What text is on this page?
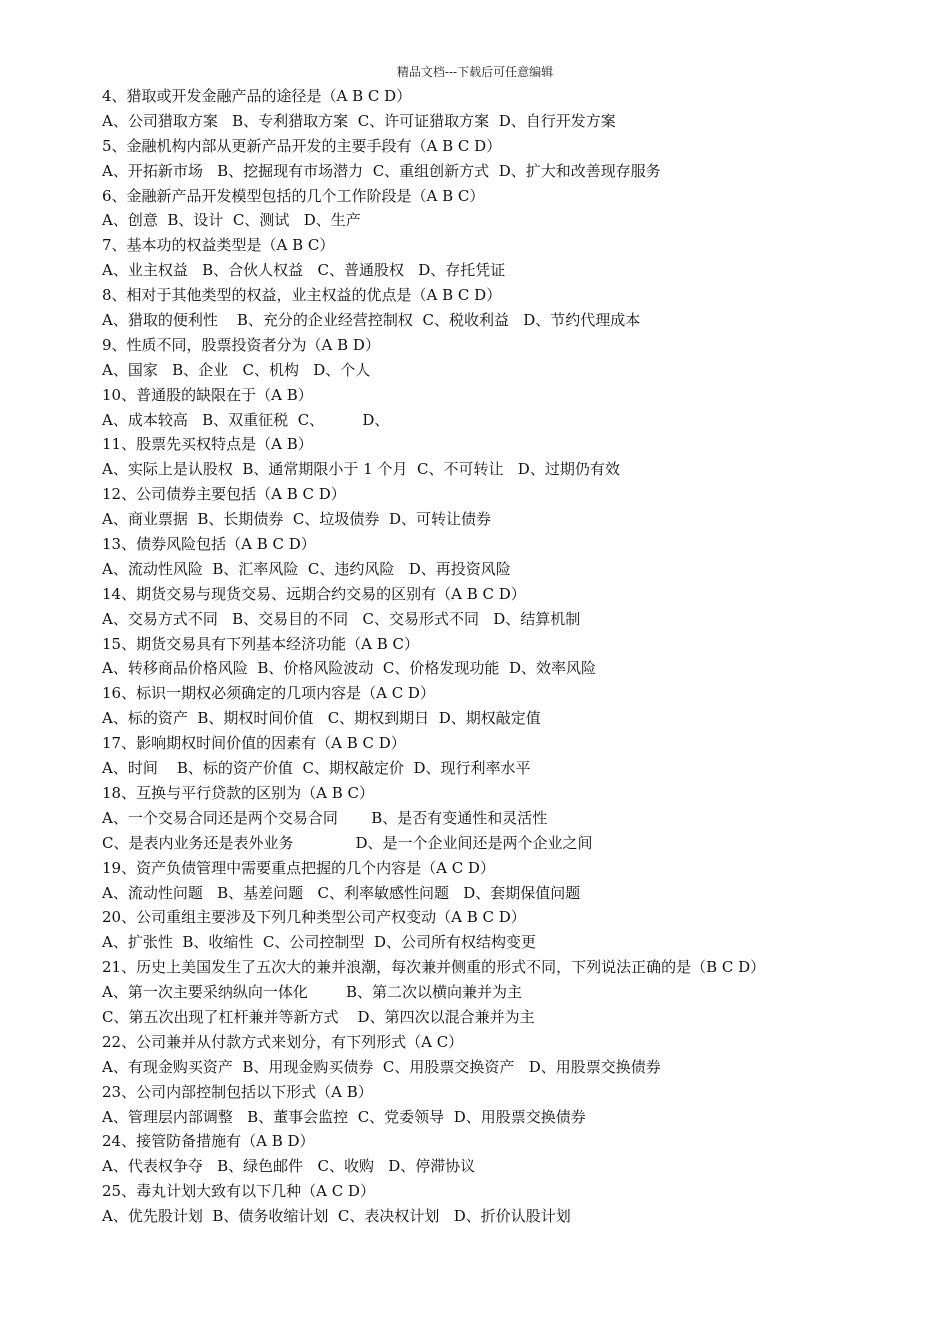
精品文档---下载后可任意编辑
4、猎取或开发金融产品的途径是（A B C D）
A、公司猎取方案   B、专利猎取方案  C、许可证猎取方案  D、自行开发方案
5、金融机构内部从更新产品开发的主要手段有（A B C D）
A、开拓新市场   B、挖掘现有市场潜力  C、重组创新方式  D、扩大和改善现存服务
6、金融新产品开发模型包括的几个工作阶段是（A B C）
A、创意  B、设计  C、测试   D、生产
7、基本功的权益类型是（A B C）
A、业主权益   B、合伙人权益   C、普通股权   D、存托凭证
8、相对于其他类型的权益，业主权益的优点是（A B C D）
A、猎取的便利性    B、充分的企业经营控制权  C、税收利益   D、节约代理成本
9、性质不同，股票投资者分为（A B D）
A、国家   B、企业   C、机构   D、个人
10、普通股的缺限在于（A B）
A、成本较高   B、双重征税  C、        D、
11、股票先买权特点是（A B）
A、实际上是认股权  B、通常期限小于 1 个月  C、不可转让   D、过期仍有效
12、公司债券主要包括（A B C D）
A、商业票据  B、长期债券  C、垃圾债券  D、可转让债券
13、债券风险包括（A B C D）
A、流动性风险  B、汇率风险  C、违约风险   D、再投资风险
14、期货交易与现货交易、远期合约交易的区别有（A B C D）
A、交易方式不同   B、交易目的不同   C、交易形式不同   D、结算机制
15、期货交易具有下列基本经济功能（A B C）
A、转移商品价格风险  B、价格风险波动  C、价格发现功能  D、效率风险
16、标识一期权必须确定的几项内容是（A C D）
A、标的资产  B、期权时间价值   C、期权到期日  D、期权敲定值
17、影响期权时间价值的因素有（A B C D）
A、时间    B、标的资产价值  C、期权敲定价  D、现行利率水平
18、互换与平行贷款的区别为（A B C）
A、一个交易合同还是两个交易合同       B、是否有变通性和灵活性
C、是表内业务还是表外业务             D、是一个企业间还是两个企业之间
19、资产负债管理中需要重点把握的几个内容是（A C D）
A、流动性问题   B、基差问题   C、利率敏感性问题   D、套期保值问题
20、公司重组主要涉及下列几种类型公司产权变动（A B C D）
A、扩张性  B、收缩性  C、公司控制型  D、公司所有权结构变更
21、历史上美国发生了五次大的兼并浪潮，每次兼并侧重的形式不同，下列说法正确的是（B C D）
A、第一次主要采纳纵向一体化        B、第二次以横向兼并为主
C、第五次出现了杠杆兼并等新方式    D、第四次以混合兼并为主
22、公司兼并从付款方式来划分，有下列形式（A C）
A、有现金购买资产  B、用现金购买债券  C、用股票交换资产   D、用股票交换债券
23、公司内部控制包括以下形式（A B）
A、管理层内部调整   B、董事会监控  C、党委领导  D、用股票交换债券
24、接管防备措施有（A B D）
A、代表权争夺   B、绿色邮件   C、收购   D、停滞协议
25、毒丸计划大致有以下几种（A C D）
A、优先股计划  B、债务收缩计划  C、表决权计划   D、折价认股计划
